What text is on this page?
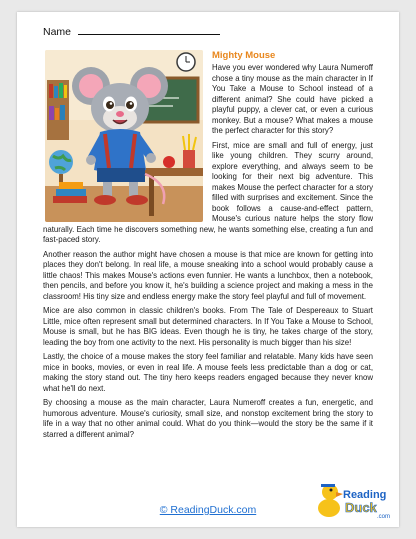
Name
Mighty Mouse

Have you ever wondered why Laura Numeroff chose a tiny mouse as the main character in If You Take a Mouse to School instead of a different animal? She could have picked a playful puppy, a clever cat, or even a curious monkey. But a mouse? What makes a mouse the perfect character for this story?

First, mice are small and full of energy, just like young children. They scurry around, explore everything, and always seem to be looking for their next big adventure. This makes Mouse the perfect character for a story filled with surprises and excitement. Since the book follows a cause-and-effect pattern, Mouse's curious nature helps the story flow naturally. Each time he discovers something new, he wants something else, creating a fun and fast-paced story.

Another reason the author might have chosen a mouse is that mice are known for getting into places they don't belong. In real life, a mouse sneaking into a school would probably cause a little chaos! This makes Mouse's actions even funnier. He wants a lunchbox, then a notebook, then pencils, and before you know it, he's building a science project and making a mess in the classroom! His tiny size and endless energy make the story feel playful and full of movement.

Mice are also common in classic children's books. From The Tale of Despereaux to Stuart Little, mice often represent small but determined characters. In If You Take a Mouse to School, Mouse is small, but he has BIG ideas. Even though he is tiny, he takes charge of the story, leading the boy from one activity to the next. His personality is much bigger than his size!

Lastly, the choice of a mouse makes the story feel familiar and relatable. Many kids have seen mice in books, movies, or even in real life. A mouse feels less predictable than a dog or cat, making the story stand out. The tiny hero keeps readers engaged because they never know what he'll do next.

By choosing a mouse as the main character, Laura Numeroff creates a fun, energetic, and humorous adventure. Mouse's curiosity, small size, and nonstop excitement bring the story to life in a way that no other animal could. What do you think—would the story be the same if it starred a different animal?

© ReadingDuck.com
Reading
Duck
.com
